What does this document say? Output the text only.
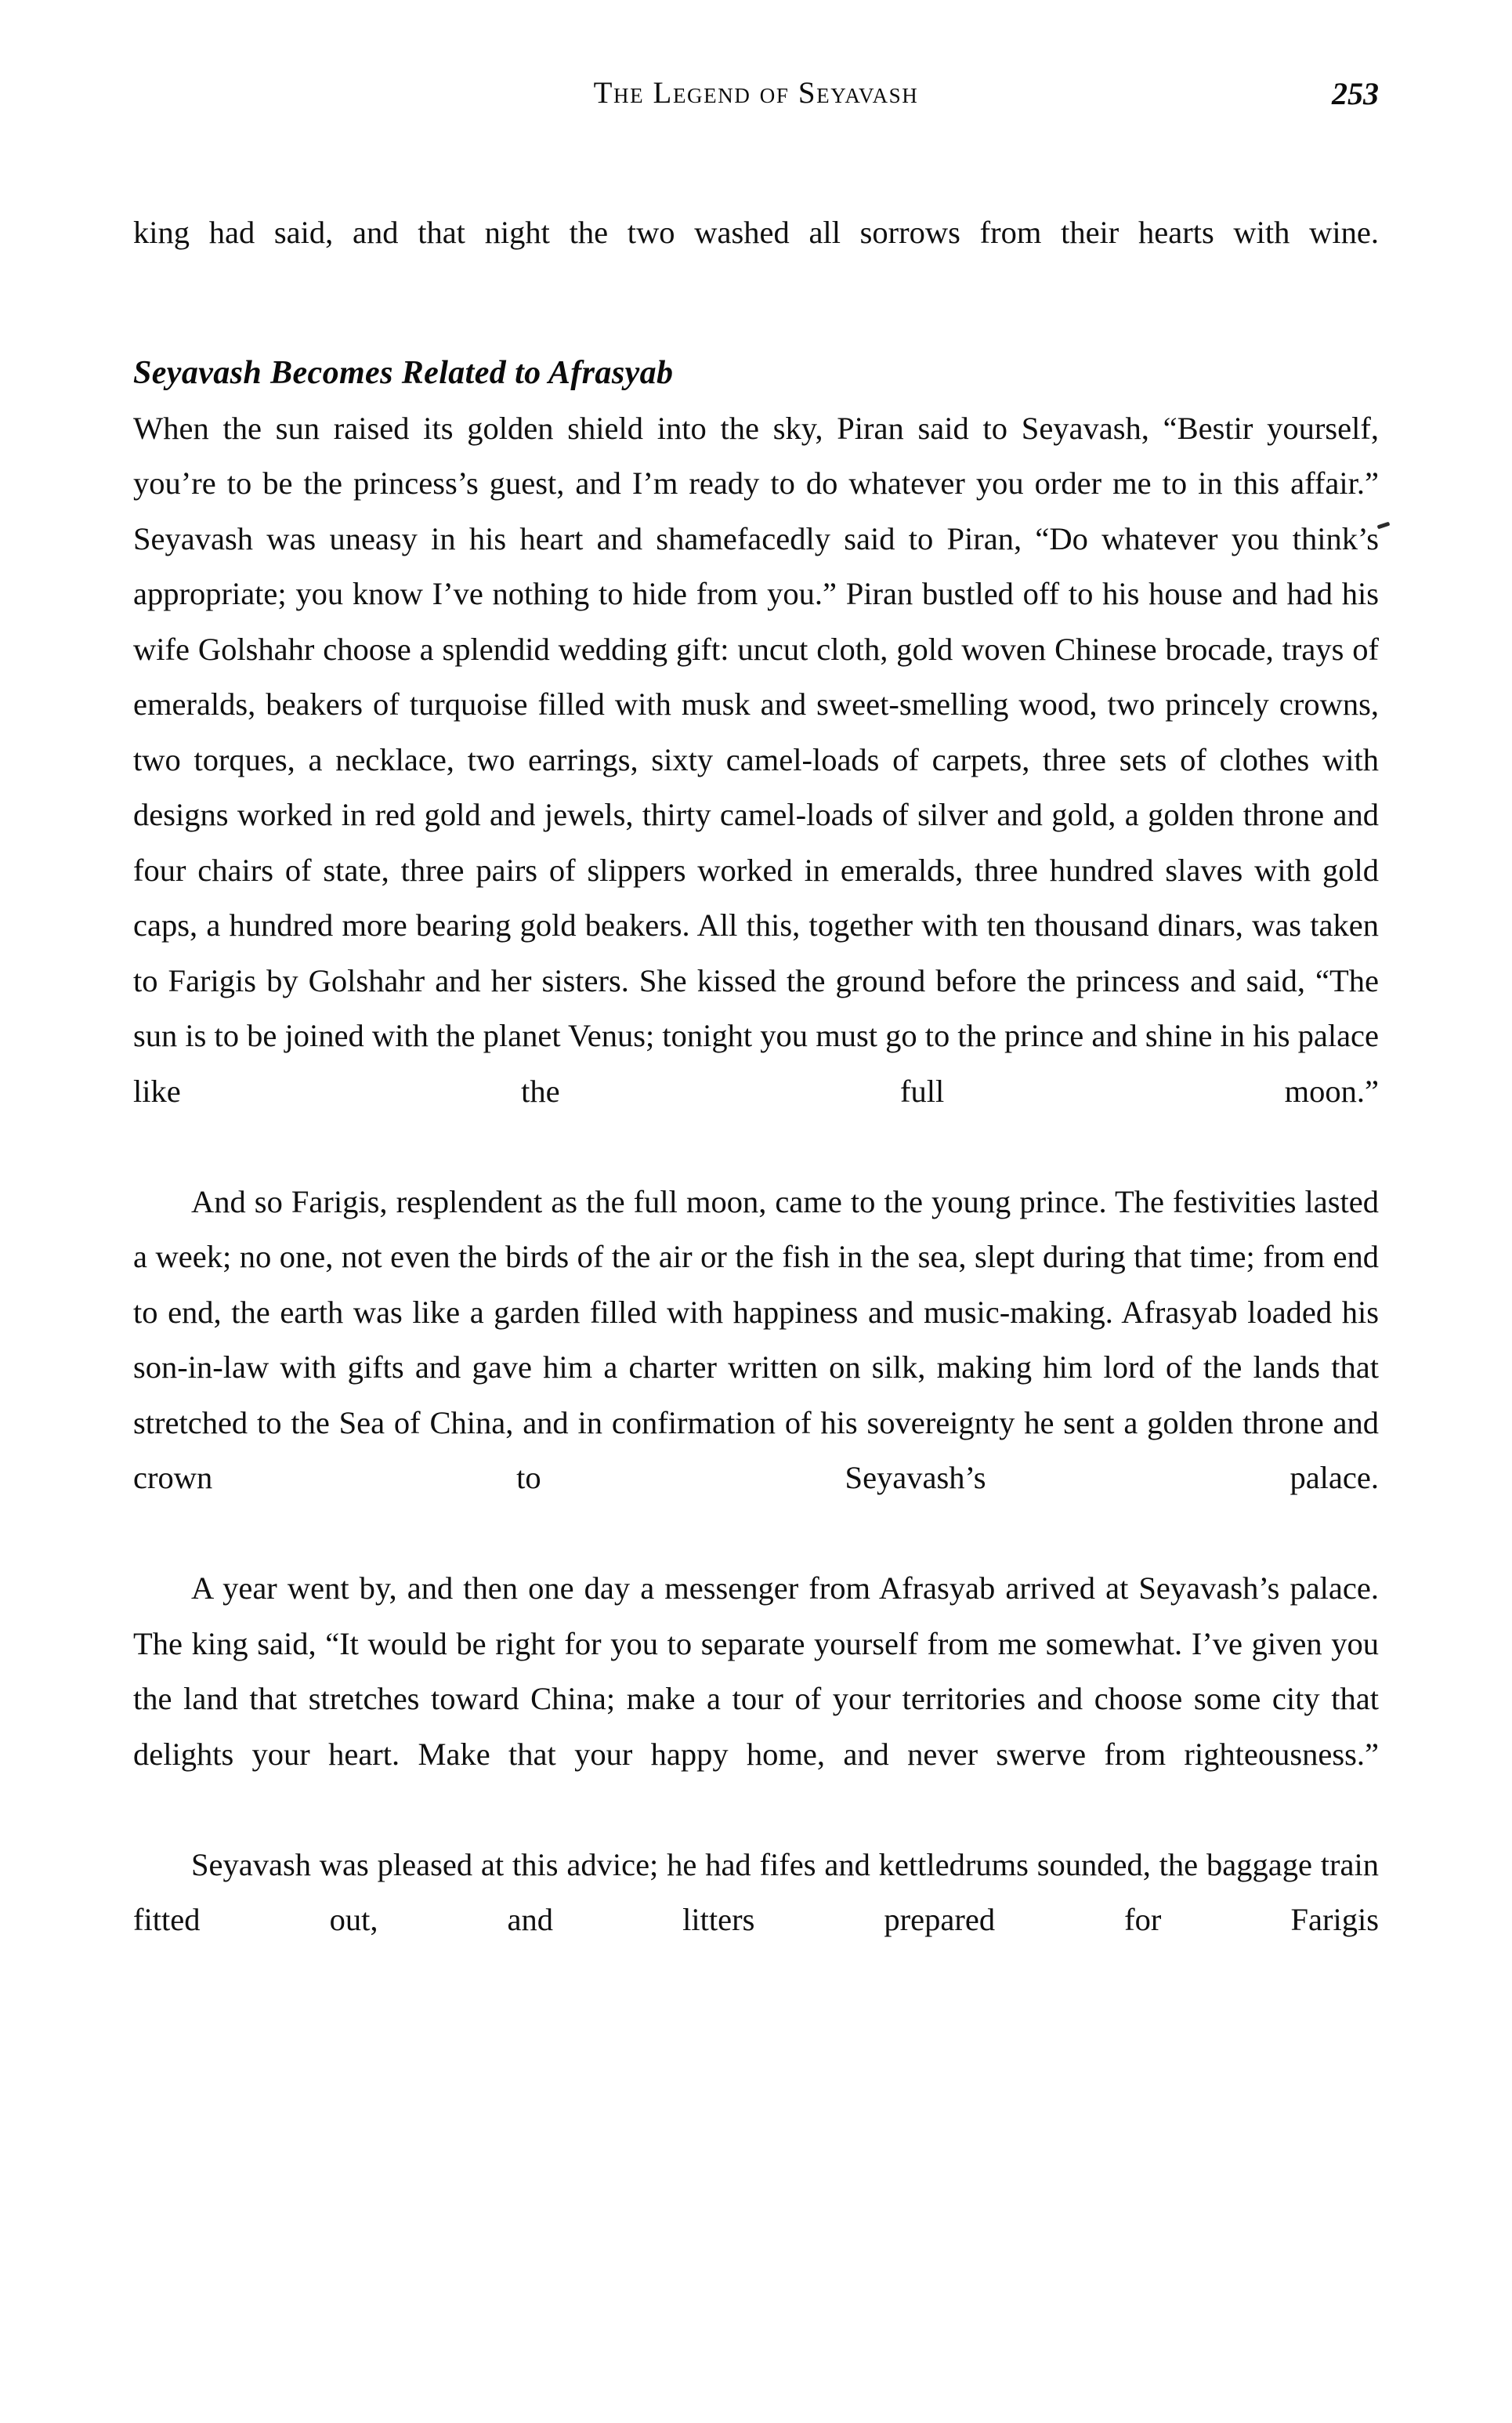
The Legend of Seyavash	253

king had said, and that night the two washed all sorrows from their hearts with wine.

Seyavash Becomes Related to Afrasyab

When the sun raised its golden shield into the sky, Piran said to Seyavash, “Bestir yourself, you’re to be the princess’s guest, and I’m ready to do whatever you order me to in this affair.” Seyavash was uneasy in his heart and shamefacedly said to Piran, “Do whatever you think’s appropriate; you know I’ve nothing to hide from you.” Piran bustled off to his house and had his wife Golshahr choose a splendid wedding gift: uncut cloth, gold woven Chinese brocade, trays of emeralds, beakers of turquoise filled with musk and sweet-smelling wood, two princely crowns, two torques, a necklace, two earrings, sixty camel-loads of carpets, three sets of clothes with designs worked in red gold and jewels, thirty camel-loads of silver and gold, a golden throne and four chairs of state, three pairs of slippers worked in emeralds, three hundred slaves with gold caps, a hundred more bearing gold beakers. All this, together with ten thousand dinars, was taken to Farigis by Golshahr and her sisters. She kissed the ground before the princess and said, “The sun is to be joined with the planet Venus; tonight you must go to the prince and shine in his palace like the full moon.”

And so Farigis, resplendent as the full moon, came to the young prince. The festivities lasted a week; no one, not even the birds of the air or the fish in the sea, slept during that time; from end to end, the earth was like a garden filled with happiness and music-making. Afrasyab loaded his son-in-law with gifts and gave him a charter written on silk, making him lord of the lands that stretched to the Sea of China, and in confirmation of his sovereignty he sent a golden throne and crown to Seyavash’s palace.

A year went by, and then one day a messenger from Afrasyab arrived at Seyavash’s palace. The king said, “It would be right for you to separate yourself from me somewhat. I’ve given you the land that stretches toward China; make a tour of your territories and choose some city that delights your heart. Make that your happy home, and never swerve from righteousness.”

Seyavash was pleased at this advice; he had fifes and kettledrums sounded, the baggage train fitted out, and litters prepared for Farigis
